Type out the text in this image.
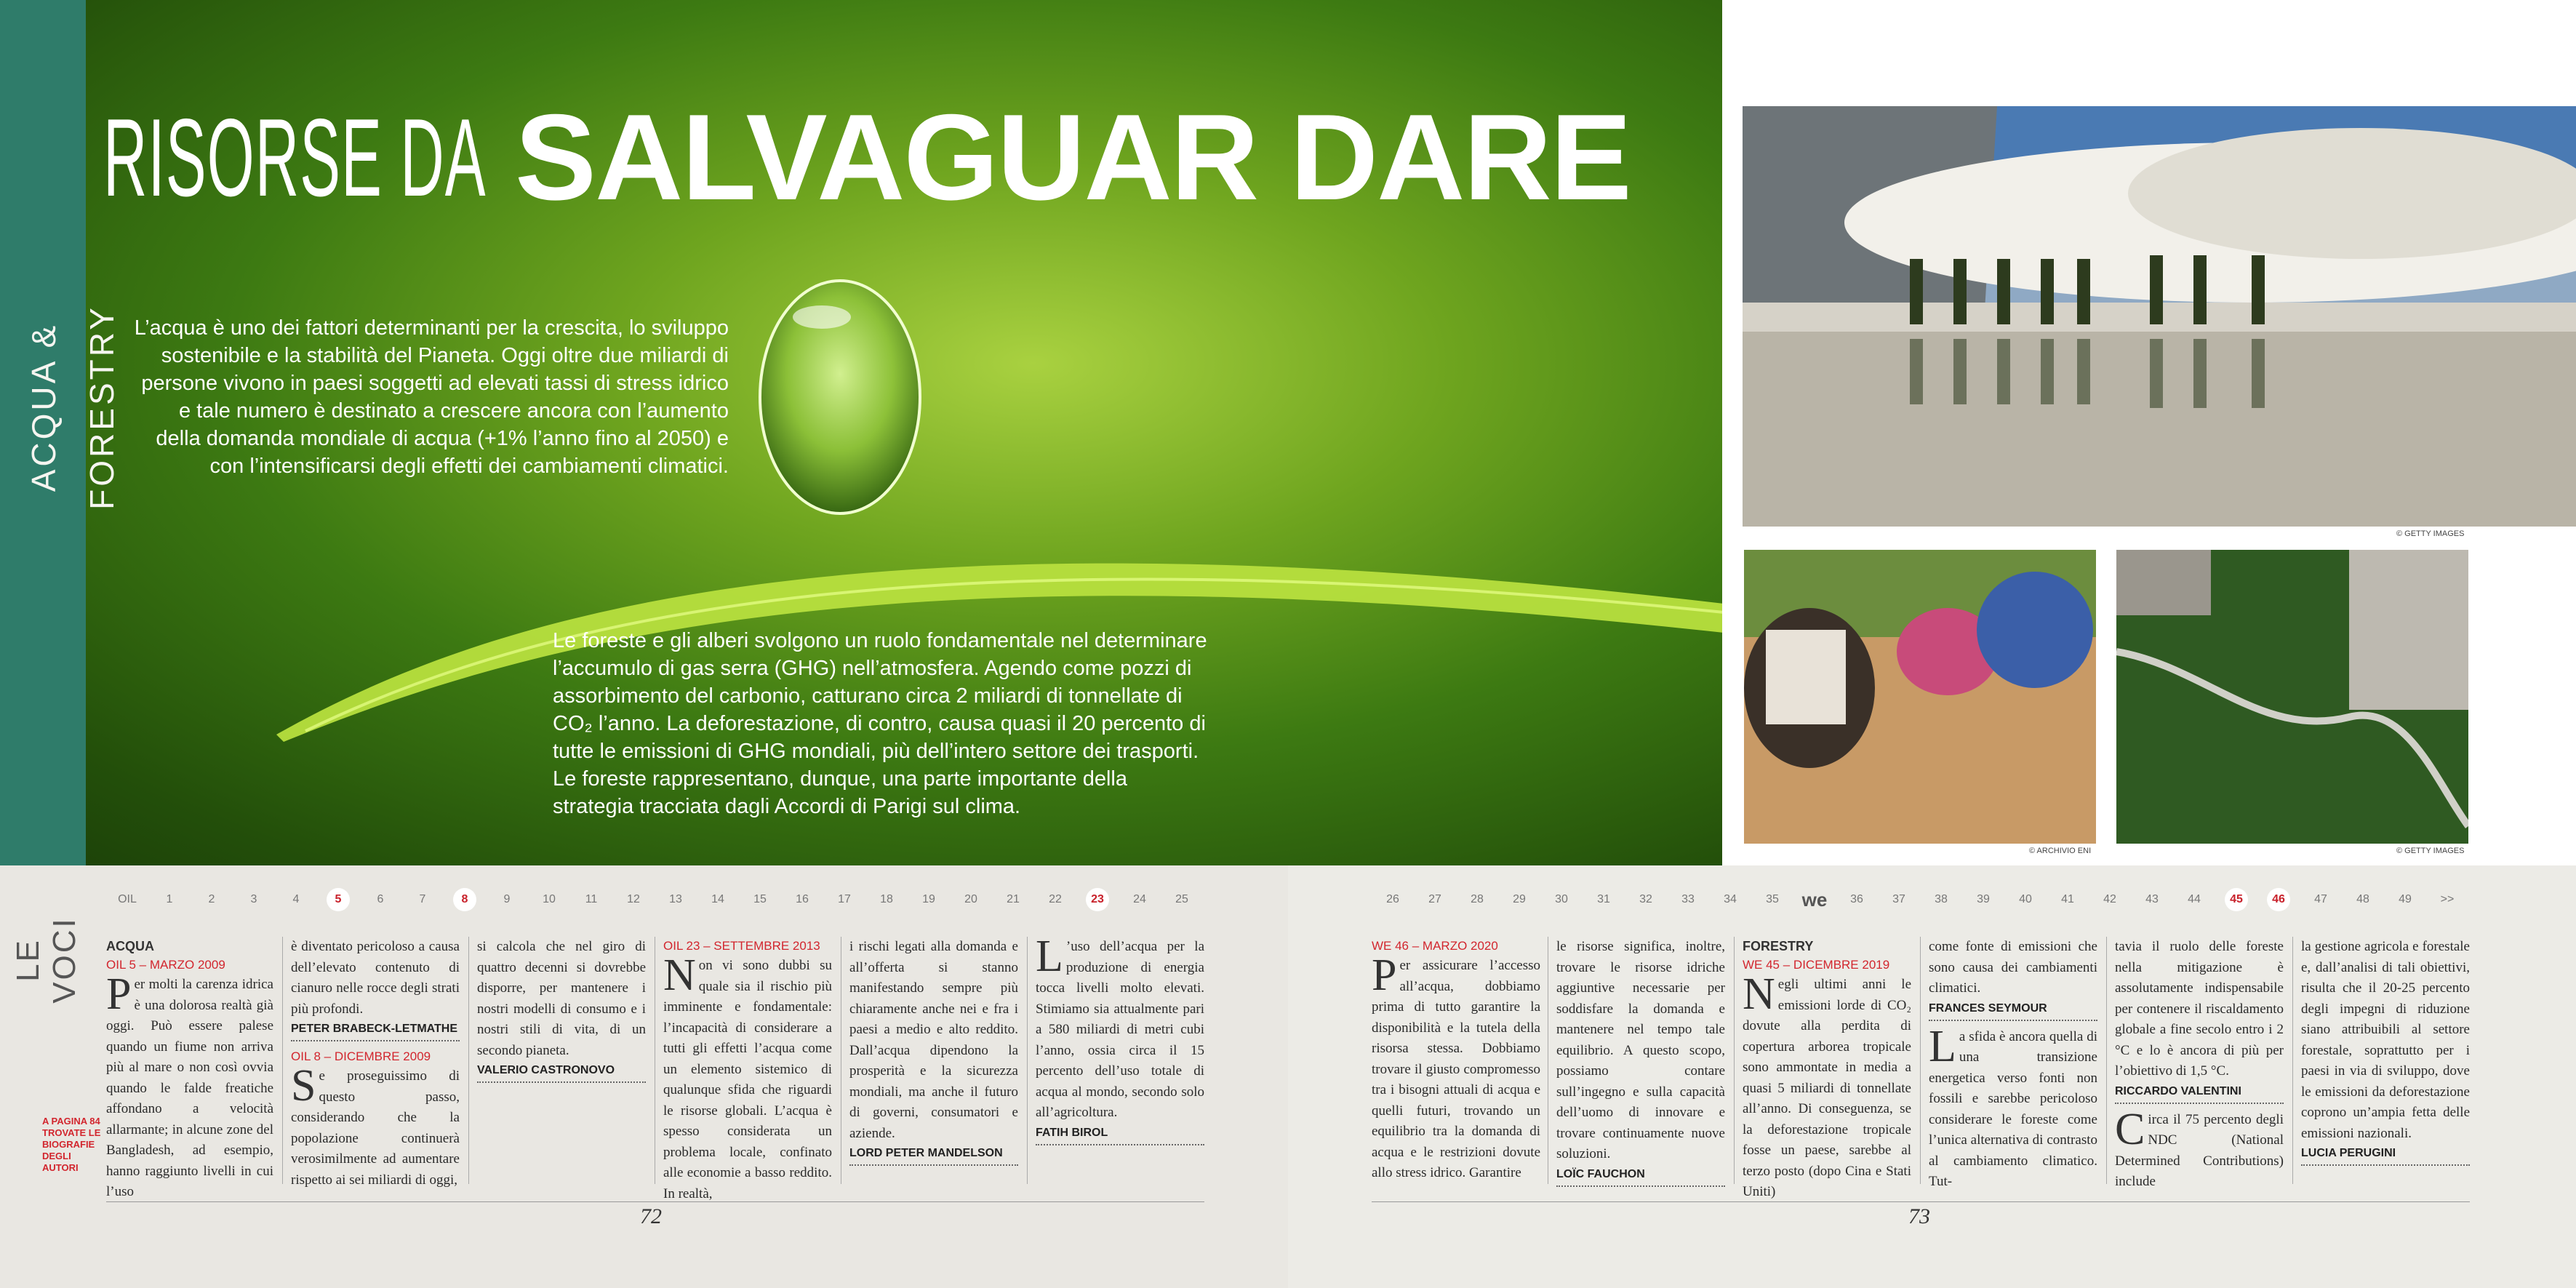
ACQUA & FORESTRY
RISORSE DA SALVAGUAR DARE
L’acqua è uno dei fattori determinanti per la crescita, lo sviluppo sostenibile e la stabilità del Pianeta. Oggi oltre due miliardi di persone vivono in paesi soggetti ad elevati tassi di stress idrico e tale numero è destinato a crescere ancora con l’aumento della domanda mondiale di acqua (+1% l’anno fino al 2050) e con l’intensificarsi degli effetti dei cambiamenti climatici.
Le foreste e gli alberi svolgono un ruolo fondamentale nel determinare l’accumulo di gas serra (GHG) nell’atmosfera. Agendo come pozzi di assorbimento del carbonio, catturano circa 2 miliardi di tonnellate di CO₂ l’anno. La deforestazione, di contro, causa quasi il 20 percento di tutte le emissioni di GHG mondiali, più dell’intero settore dei trasporti. Le foreste rappresentano, dunque, una parte importante della strategia tracciata dagli Accordi di Parigi sul clima.
© GETTY IMAGES
© ARCHIVIO ENI	© GETTY IMAGES
LE VOCI
OIL	1	2	3	4	5	6	7	8	9	10	11	12	13	14	15	16	17	18	19	20	21	22	23	24	25	26	27	28	29	30	31	32	33	34	35	we	36	37	38	39	40	41	42	43	44	45	46	47	48	49	>>
A PAGINA 84 TROVATE LE BIOGRAFIE DEGLI AUTORI
ACQUA
OIL 5 – MARZO 2009

Per molti la carenza idrica è una dolorosa realtà già oggi. Può essere palese quando un fiume non arriva più al mare o non così ovvia quando le falde freatiche affondano a velocità allarmante; in alcune zone del Bangladesh, ad esempio, hanno raggiunto livelli in cui l’uso

è diventato pericoloso a causa dell’elevato contenuto di cianuro nelle rocce degli strati più profondi.

PETER BRABECK-LETMATHE
OIL 8 – DICEMBRE 2009

Se proseguissimo di questo passo, considerando che la popolazione continuerà verosimilmente ad aumentare rispetto ai sei miliardi di oggi,

si calcola che nel giro di quattro decenni si dovrebbe disporre, per mantenere i nostri modelli di consumo e i nostri stili di vita, di un secondo pianeta.

VALERIO CASTRONOVO
OIL 23 – SETTEMBRE 2013

Non vi sono dubbi su quale sia il rischio più imminente e fondamentale: l’incapacità di considerare a tutti gli effetti l’acqua come un elemento sistemico di qualunque sfida che riguardi le risorse globali. L’acqua è spesso considerata un problema locale, confinato alle economie a basso reddito. In realtà,

i rischi legati alla domanda e all’offerta si stanno manifestando sempre più chiaramente anche nei e fra i paesi a medio e alto reddito. Dall’acqua dipendono la prosperità e la sicurezza mondiali, ma anche il futuro di governi, consumatori e aziende.

LORD PETER MANDELSON

L ’uso dell’acqua per la produzione di energia tocca livelli molto elevati. Stimiamo sia attualmente pari a 580 miliardi di metri cubi l’anno, ossia circa il 15 percento dell’uso totale di acqua al mondo, secondo solo all’agricoltura.

FATIH BIROL
WE 46 – MARZO 2020

Per assicurare l’accesso all’acqua, dobbiamo prima di tutto garantire la disponibilità e la tutela della risorsa stessa. Dobbiamo trovare il giusto compromesso tra i bisogni attuali di acqua e quelli futuri, trovando un equilibrio tra la domanda di acqua e le restrizioni dovute allo stress idrico. Garantire

le risorse significa, inoltre, trovare le risorse idriche aggiuntive necessarie per soddisfare la domanda e mantenere nel tempo tale equilibrio. A questo scopo, possiamo contare sull’ingegno e sulla capacità dell’uomo di innovare e trovare continuamente nuove soluzioni.

LOÏC FAUCHON
FORESTRY
WE 45 – DICEMBRE 2019

Negli ultimi anni le emissioni lorde di CO₂ dovute alla perdita di copertura arborea tropicale sono ammontate in media a quasi 5 miliardi di tonnellate all’anno. Di conseguenza, se la deforestazione tropicale fosse un paese, sarebbe al terzo posto (dopo Cina e Stati Uniti)

come fonte di emissioni che sono causa dei cambiamenti climatici.

FRANCES SEYMOUR

La sfida è ancora quella di una transizione energetica verso fonti non fossili e sarebbe pericoloso considerare le foreste come l’unica alternativa di contrasto al cambiamento climatico. Tut-

tavia il ruolo delle foreste nella mitigazione è assolutamente indispensabile per contenere il riscaldamento globale a fine secolo entro i 2 °C e lo è ancora di più per l’obiettivo di 1,5 °C.

RICCARDO VALENTINI

Circa il 75 percento degli NDC (National Determined Contributions) include

la gestione agricola e forestale e, dall’analisi di tali obiettivi, risulta che il 20-25 percento degli impegni di riduzione siano attribuibili al settore forestale, soprattutto per i paesi in via di sviluppo, dove le emissioni da deforestazione coprono un’ampia fetta delle emissioni nazionali.

LUCIA PERUGINI
72	73
